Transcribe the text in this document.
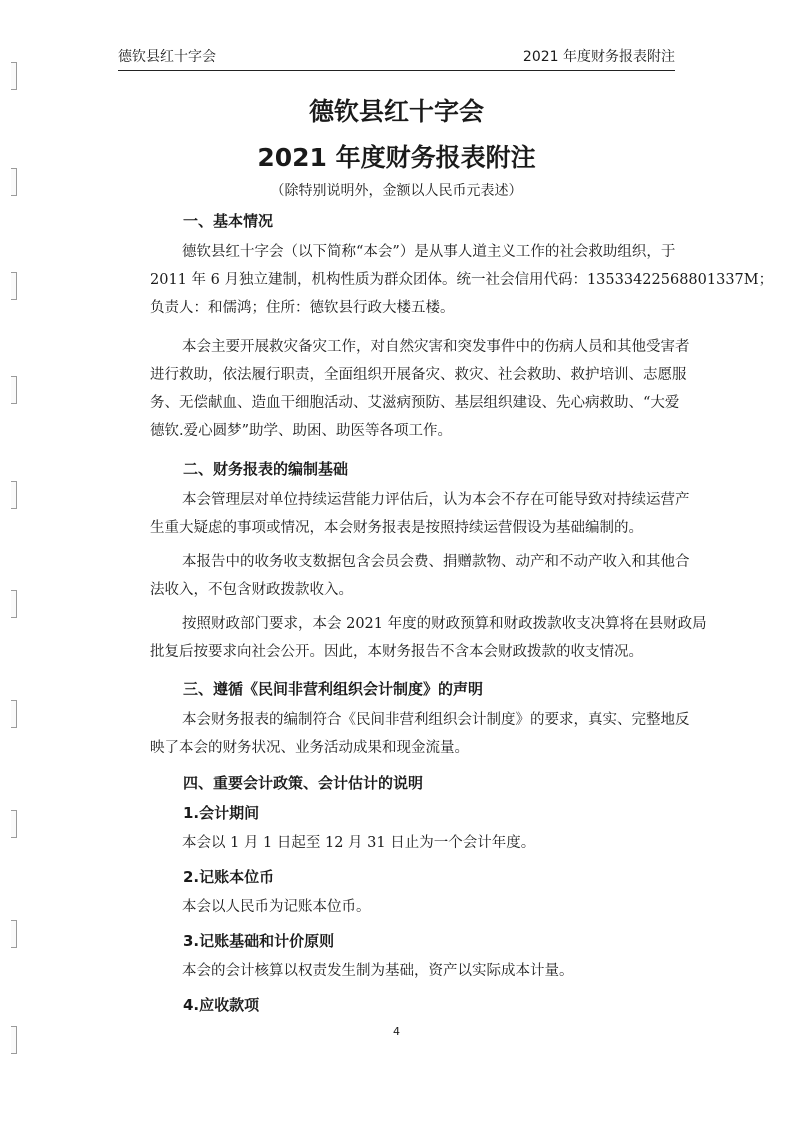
德钦县红十字会	2021 年度财务报表附注
德钦县红十字会
2021 年度财务报表附注
（除特别说明外，金额以人民币元表述）
一、基本情况
德钦县红十字会（以下简称“本会”）是从事人道主义工作的社会救助组织，于
2011 年 6 月独立建制，机构性质为群众团体。统一社会信用代码：13533422568801337M；
负责人：和儒鸿；住所：德钦县行政大楼五楼。
本会主要开展救灾备灾工作，对自然灾害和突发事件中的伤病人员和其他受害者
进行救助，依法履行职责，全面组织开展备灾、救灾、社会救助、救护培训、志愿服
务、无偿献血、造血干细胞活动、艾滋病预防、基层组织建设、先心病救助、“大爱
德钦.爱心圆梦”助学、助困、助医等各项工作。
二、财务报表的编制基础
本会管理层对单位持续运营能力评估后，认为本会不存在可能导致对持续运营产
生重大疑虑的事项或情况，本会财务报表是按照持续运营假设为基础编制的。
本报告中的收务收支数据包含会员会费、捐赠款物、动产和不动产收入和其他合
法收入，不包含财政拨款收入。
按照财政部门要求，本会 2021 年度的财政预算和财政拨款收支决算将在县财政局
批复后按要求向社会公开。因此，本财务报告不含本会财政拨款的收支情况。
三、遵循《民间非营利组织会计制度》的声明
本会财务报表的编制符合《民间非营利组织会计制度》的要求，真实、完整地反
映了本会的财务状况、业务活动成果和现金流量。
四、重要会计政策、会计估计的说明
1.会计期间
本会以 1 月 1 日起至 12 月 31 日止为一个会计年度。
2.记账本位币
本会以人民币为记账本位币。
3.记账基础和计价原则
本会的会计核算以权责发生制为基础，资产以实际成本计量。
4.应收款项
4
